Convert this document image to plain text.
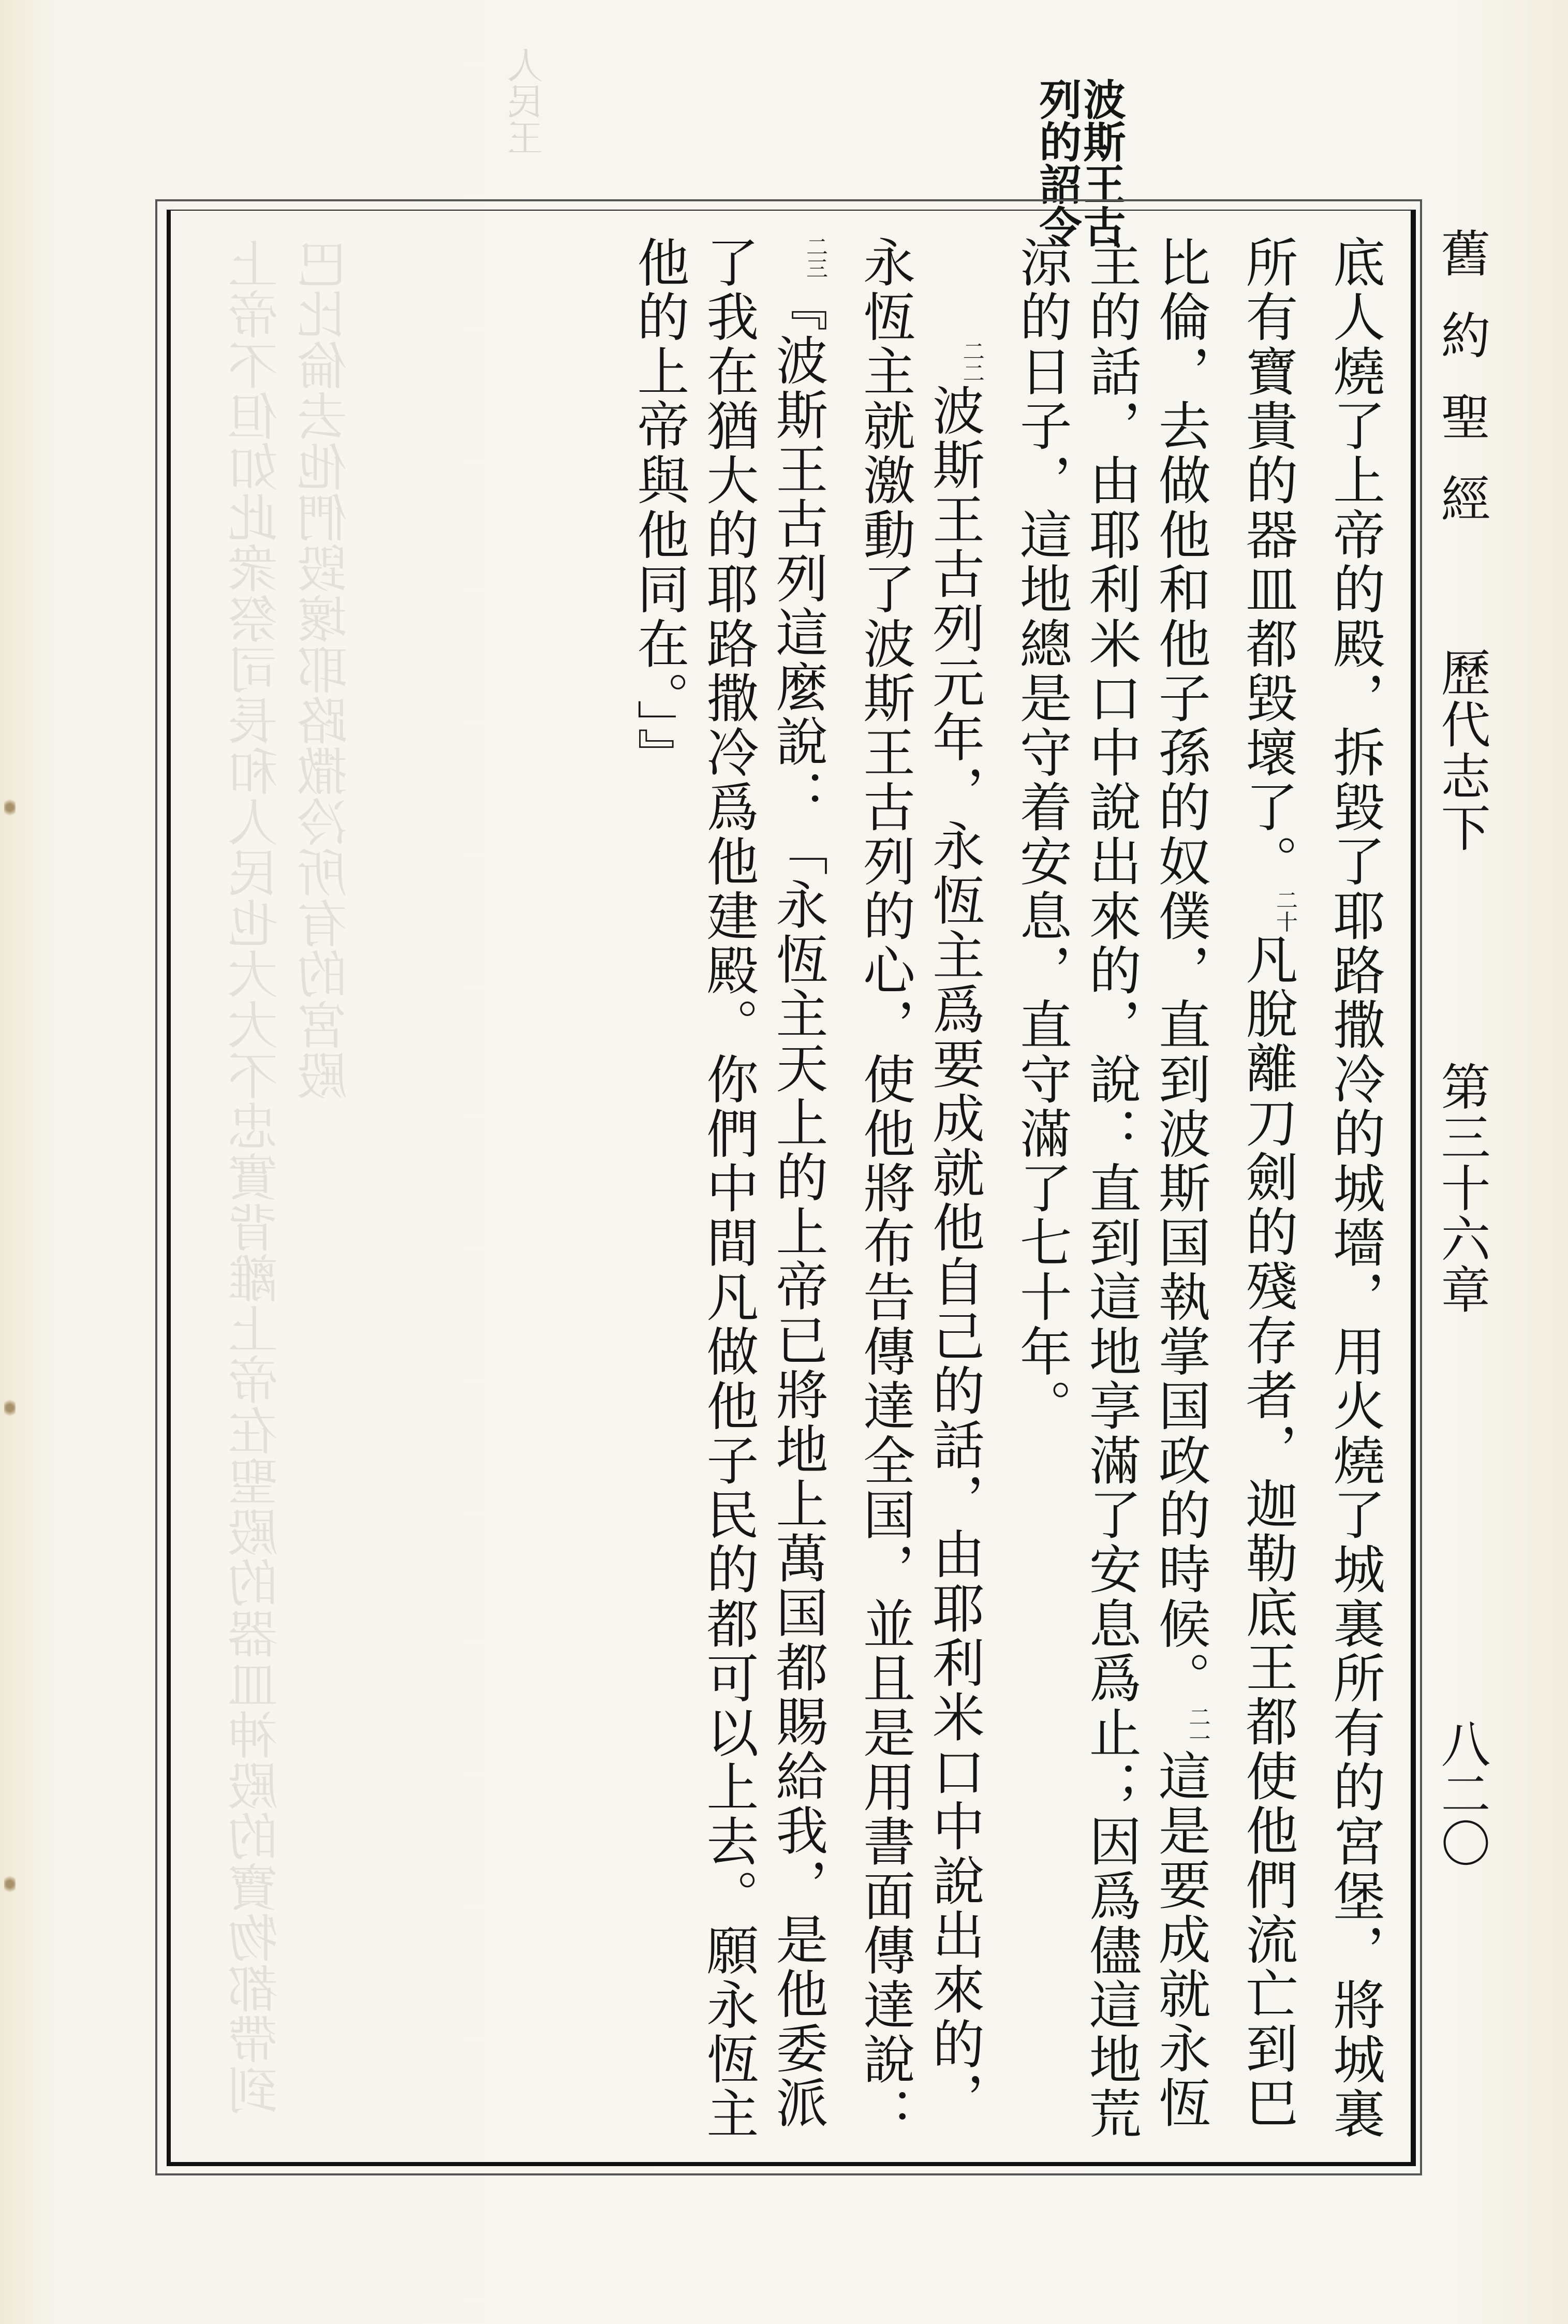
人民王	波斯王古
列的詔令
上帝不但如此衆祭司長和人民也大大不忠實背離上帝在聖殿的器皿神殿的寶物都帶到巴比倫去他們毀壞耶路撒冷所有的宮殿	舊約聖經
歷代志下
第三十六章
八二〇

底人燒了上帝的殿，拆毀了耶路撒冷的城墻，用火燒了城裏所有的宮堡，將城裏所有寶貴的器皿都毀壞了。$^{二十}$凡脫離刀劍的殘存者，迦勒底王都使他們流亡到巴比倫，去做他和他子孫的奴僕，直到波斯国執掌国政的時候。$^{二一}$這是要成就永恆主的話，由耶利米口中說出來的，說：直到這地享滿了安息爲止；因爲儘這地荒涼的日子，這地總是守着安息，直守滿了七十年。

$^{二二}$波斯王古列元年，永恆主爲要成就他自己的話，由耶利米口中說出來的，永恆主就激動了波斯王古列的心，使他將布告傳達全国，並且是用書面傳達說：$^{二三}$『波斯王古列這麼說：「永恆主天上的上帝已將地上萬国都賜給我，是他委派了我在猶大的耶路撒冷爲他建殿。你們中間凡做他子民的都可以上去。願永恆主他的上帝與他同在。」』
